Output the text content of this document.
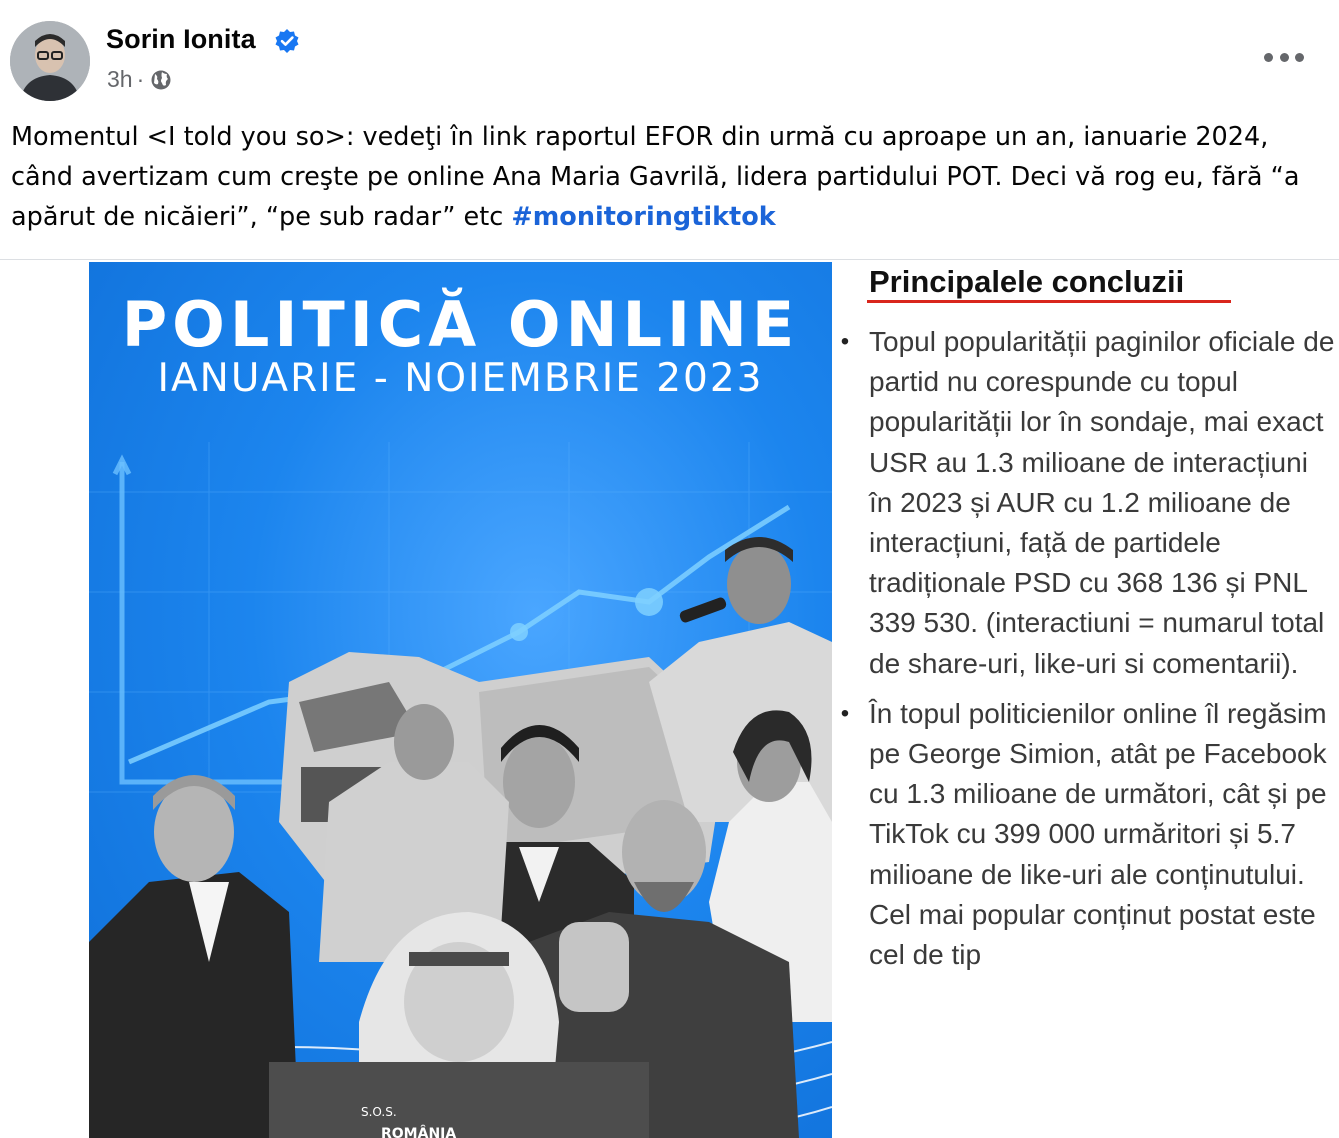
Sorin Ionita
3h ·
Momentul <I told you so>: vedeţi în link raportul EFOR din urmă cu aproape un an, ianuarie 2024, când avertizam cum creşte pe online Ana Maria Gavrilă, lidera partidului POT. Deci vă rog eu, fără “a apărut de nicăieri”, “pe sub radar” etc #monitoringtiktok
S.O.S.
ROMÂNIA
POLITICĂ ONLINE
IANUARIE - NOIEMBRIE 2023
Principalele concluzii
• Topul popularității paginilor oficiale de partid nu corespunde cu topul popularității lor în sondaje, mai exact USR au 1.3 milioane de interacțiuni în 2023 și AUR cu 1.2 milioane de interacțiuni, față de partidele tradiționale PSD cu 368 136 și PNL 339 530. (interactiuni = numarul total de share-uri, like-uri si comentarii).
• În topul politicienilor online îl regăsim pe George Simion, atât pe Facebook cu 1.3 milioane de următori, cât și pe TikTok cu 399 000 urmăritori și 5.7 milioane de like-uri ale conținutului. Cel mai popular conținut postat este cel de tip
